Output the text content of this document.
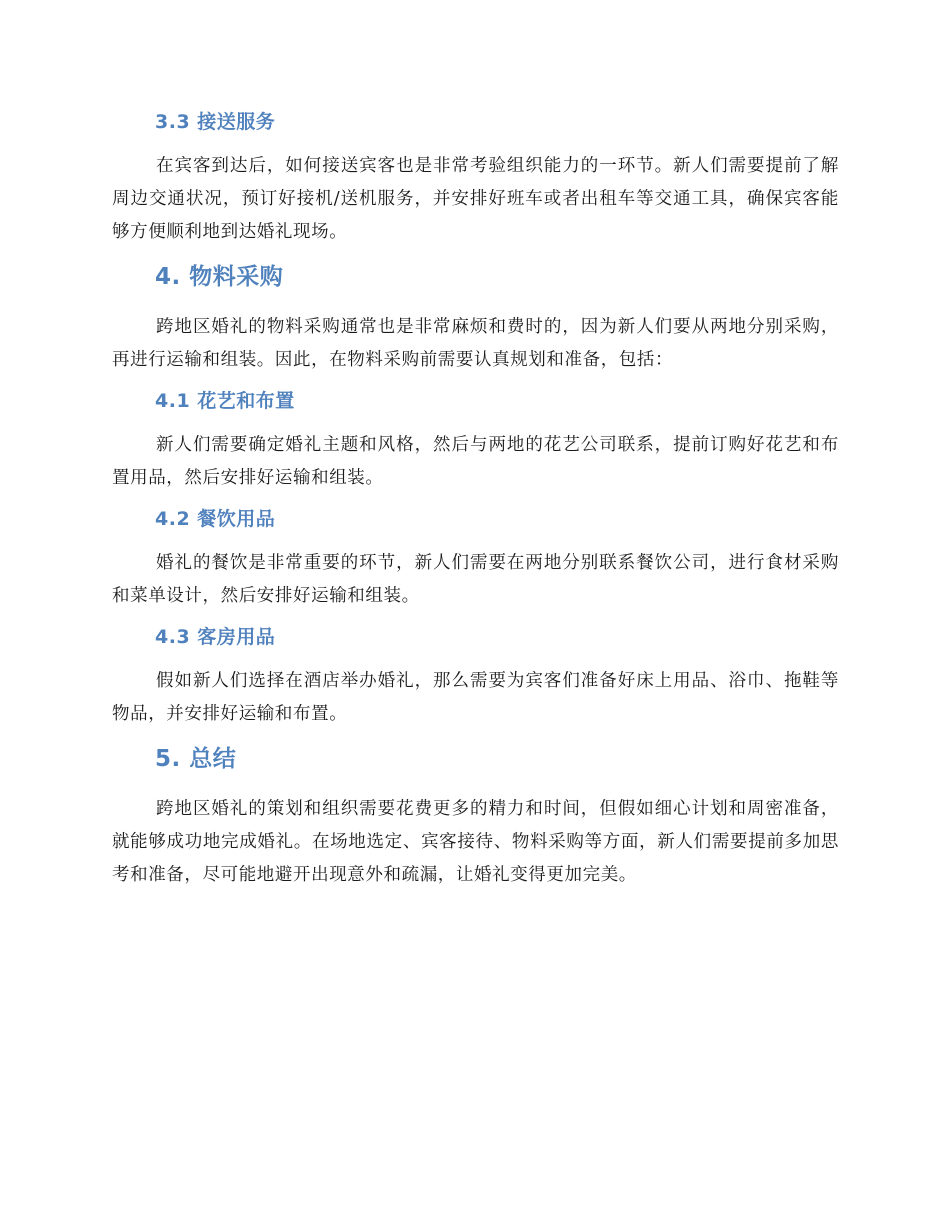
3.3 接送服务

在宾客到达后，如何接送宾客也是非常考验组织能力的一环节。新人们需要提前了解周边交通状况，预订好接机/送机服务，并安排好班车或者出租车等交通工具，确保宾客能够方便顺利地到达婚礼现场。

4. 物料采购

跨地区婚礼的物料采购通常也是非常麻烦和费时的，因为新人们要从两地分别采购，再进行运输和组装。因此，在物料采购前需要认真规划和准备，包括：

4.1 花艺和布置

新人们需要确定婚礼主题和风格，然后与两地的花艺公司联系，提前订购好花艺和布置用品，然后安排好运输和组装。

4.2 餐饮用品

婚礼的餐饮是非常重要的环节，新人们需要在两地分别联系餐饮公司，进行食材采购和菜单设计，然后安排好运输和组装。

4.3 客房用品

假如新人们选择在酒店举办婚礼，那么需要为宾客们准备好床上用品、浴巾、拖鞋等物品，并安排好运输和布置。

5. 总结

跨地区婚礼的策划和组织需要花费更多的精力和时间，但假如细心计划和周密准备，就能够成功地完成婚礼。在场地选定、宾客接待、物料采购等方面，新人们需要提前多加思考和准备，尽可能地避开出现意外和疏漏，让婚礼变得更加完美。
